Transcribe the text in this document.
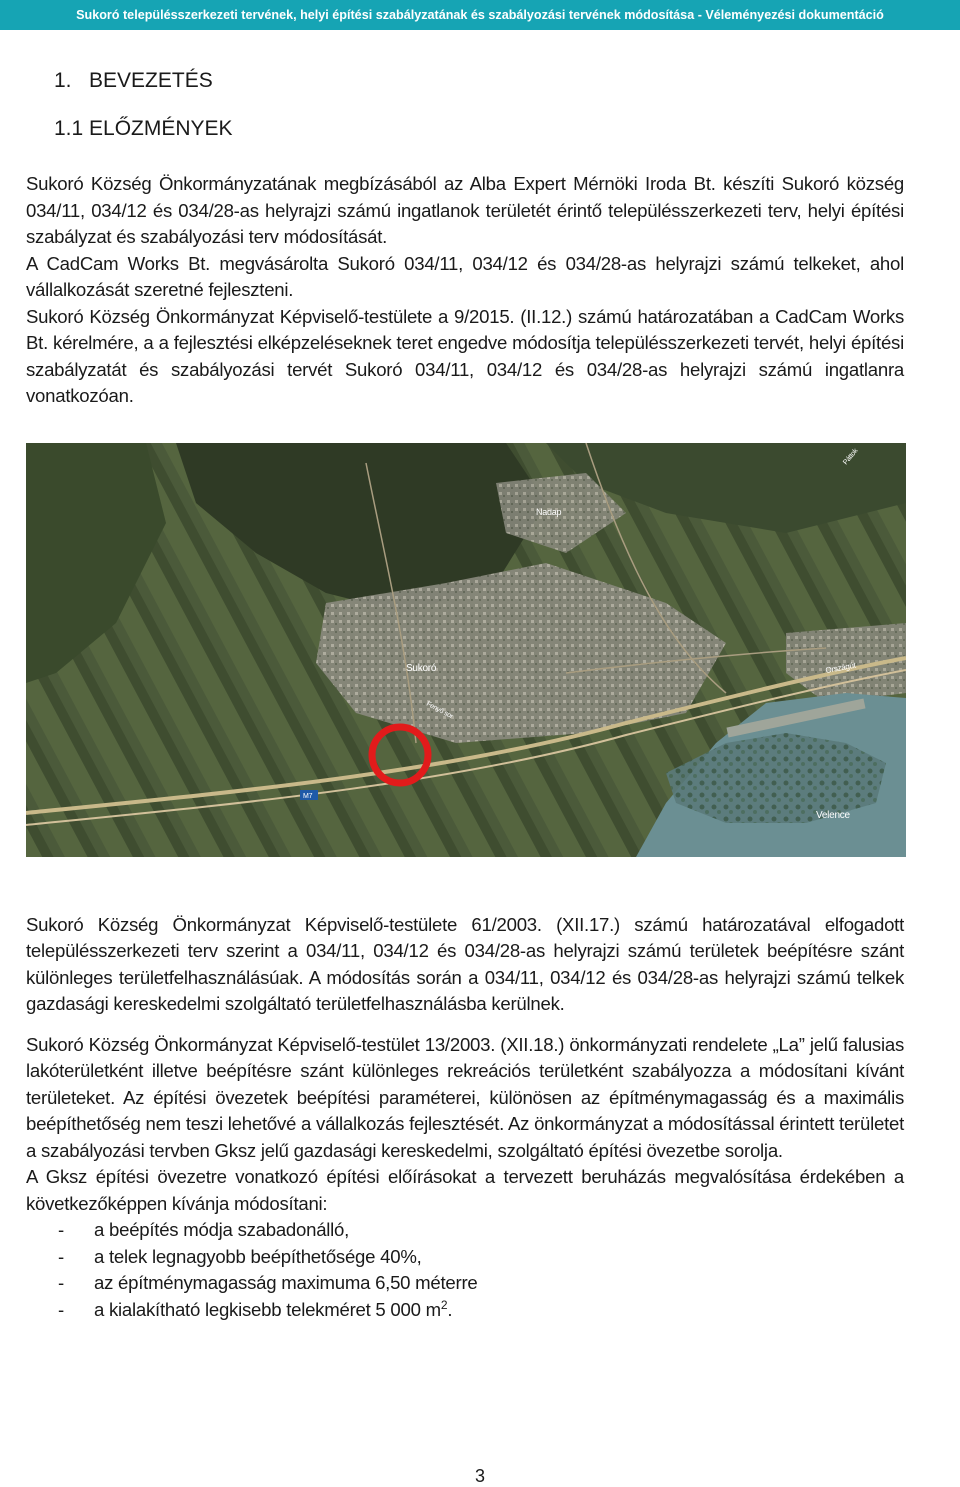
Sukoró településszerkezeti tervének, helyi építési szabályzatának és szabályozási tervének módosítása - Véleményezési dokumentáció
1.   BEVEZETÉS
1.1 ELŐZMÉNYEK

Sukoró Község Önkormányzatának megbízásából az Alba Expert Mérnöki Iroda Bt. készíti Sukoró község 034/11, 034/12 és 034/28-as helyrajzi számú ingatlanok területét érintő településszerkezeti terv, helyi építési szabályzat és szabályozási terv módosítását.

A CadCam Works Bt. megvásárolta Sukoró 034/11, 034/12 és 034/28-as helyrajzi számú telkeket, ahol vállalkozását szeretné fejleszteni.

Sukoró Község Önkormányzat Képviselő-testülete a 9/2015. (II.12.) számú határozatában a CadCam Works Bt. kérelmére, a a fejlesztési elképzeléseknek teret engedve módosítja településszerkezeti tervét, helyi építési szabályzatát és szabályozási tervét Sukoró 034/11, 034/12 és 034/28-as helyrajzi számú ingatlanra vonatkozóan.

Nadap
Sukoró
Velence
M7
Országút
Fenyő sor
Páttok

Sukoró Község Önkormányzat Képviselő-testülete 61/2003. (XII.17.) számú határozatával elfogadott településszerkezeti terv szerint a 034/11, 034/12 és 034/28-as helyrajzi számú területek beépítésre szánt különleges területfelhasználásúak. A módosítás során a 034/11, 034/12 és 034/28-as helyrajzi számú telkek gazdasági kereskedelmi szolgáltató területfelhasználásba kerülnek.

Sukoró Község Önkormányzat Képviselő-testület 13/2003. (XII.18.) önkormányzati rendelete „La” jelű falusias lakóterületként illetve beépítésre szánt különleges rekreációs területként szabályozza a módosítani kívánt területeket. Az építési övezetek beépítési paraméterei, különösen az építménymagasság és a maximális beépíthetőség nem teszi lehetővé a vállalkozás fejlesztését. Az önkormányzat a módosítással érintett területet a szabályozási tervben Gksz jelű gazdasági kereskedelmi, szolgáltató építési övezetbe sorolja.

A Gksz építési övezetre vonatkozó építési előírásokat a tervezett beruházás megvalósítása érdekében a következőképpen kívánja módosítani:

- a beépítés módja szabadonálló,
- a telek legnagyobb beépíthetősége 40%,
- az építménymagasság maximuma 6,50 méterre
- a kialakítható legkisebb telekméret 5 000 $m^2$.
3
